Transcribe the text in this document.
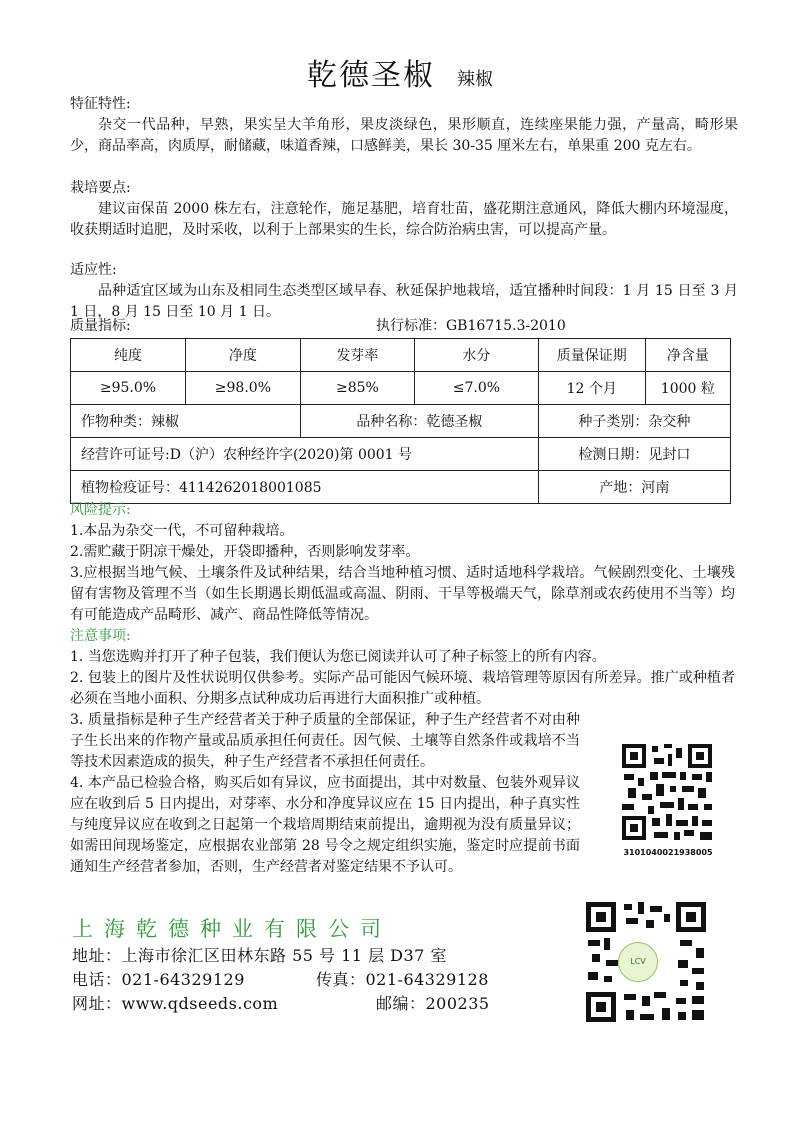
乾德圣椒 辣椒
特征特性:
杂交一代品种，早熟，果实呈大羊角形，果皮淡绿色，果形顺直，连续座果能力强，产量高，畸形果少，商品率高，肉质厚，耐储藏，味道香辣，口感鲜美，果长 30-35 厘米左右，单果重 200 克左右。
栽培要点:
建议亩保苗 2000 株左右，注意轮作，施足基肥，培育壮苗，盛花期注意通风，降低大棚内环境湿度，收获期适时追肥，及时采收，以利于上部果实的生长，综合防治病虫害，可以提高产量。
适应性:
品种适宜区域为山东及相同生态类型区域早春、秋延保护地栽培，适宜播种时间段：1 月 15 日至 3 月 1 日，8 月 15 日至 10 月 1 日。
质量指标:	执行标准：GB16715.3-2010
纯度	净度	发芽率	水分	质量保证期	净含量
≥95.0%	≥98.0%	≥85%	≤7.0%	12 个月	1000 粒
作物种类：辣椒		品种名称：乾德圣椒		种子类别：杂交种	
经营许可证号:D（沪）农种经许字(2020)第 0001 号				检测日期：见封口	
植物检疫证号：4114262018001085				产地：河南	
风险提示:
1.本品为杂交一代，不可留种栽培。
2.需贮藏于阴凉干燥处，开袋即播种，否则影响发芽率。
3.应根据当地气候、土壤条件及试种结果，结合当地种植习惯、适时适地科学栽培。气候剧烈变化、土壤残留有害物及管理不当（如生长期遇长期低温或高温、阴雨、干旱等极端天气，除草剂或农药使用不当等）均有可能造成产品畸形、减产、商品性降低等情况。
注意事项:
1. 当您选购并打开了种子包装，我们便认为您已阅读并认可了种子标签上的所有内容。
2. 包装上的图片及性状说明仅供参考。实际产品可能因气候环境、栽培管理等原因有所差异。推广或种植者必须在当地小面积、分期多点试种成功后再进行大面积推广或种植。
3. 质量指标是种子生产经营者关于种子质量的全部保证，种子生产经营者不对由种子生长出来的作物产量或品质承担任何责任。因气候、土壤等自然条件或栽培不当等技术因素造成的损失，种子生产经营者不承担任何责任。
4. 本产品已检验合格，购买后如有异议，应书面提出，其中对数量、包装外观异议应在收到后 5 日内提出，对芽率、水分和净度异议应在 15 日内提出，种子真实性与纯度异议应在收到之日起第一个栽培周期结束前提出，逾期视为没有质量异议；如需田间现场鉴定，应根据农业部第 28 号令之规定组织实施，鉴定时应提前书面通知生产经营者参加，否则，生产经营者对鉴定结果不予认可。
3101040021938005
LCV
上海乾德种业有限公司
地址：上海市徐汇区田林东路 55 号 11 层 D37 室
电话：021-64329129	传真：021-64329128
网址：www.qdseeds.com	邮编：200235
